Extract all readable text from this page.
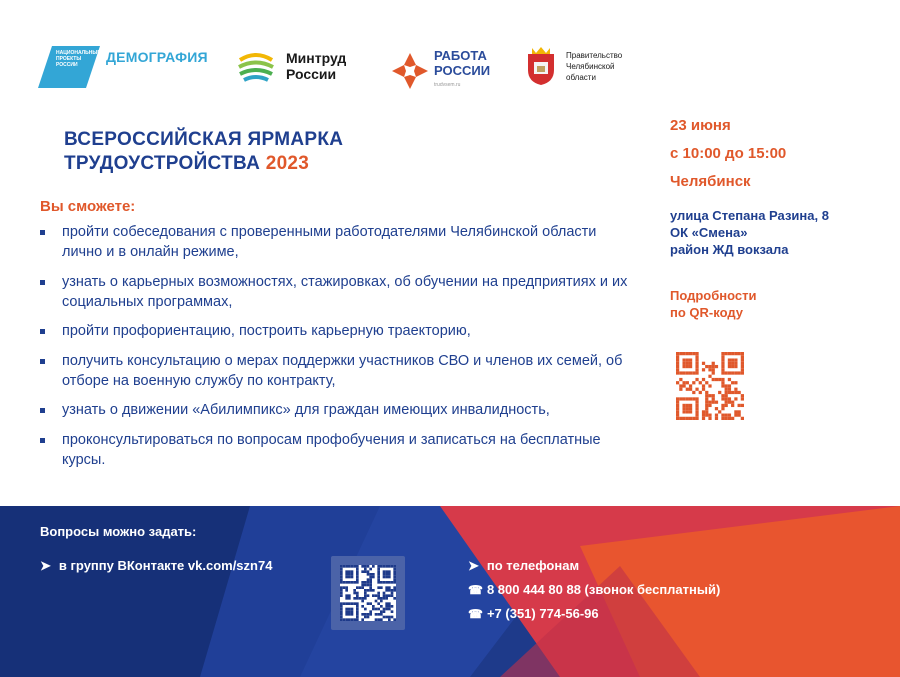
НАЦИОНАЛЬНЫЕ ПРОЕКТЫ РОССИИ	ДЕМОГРАФИЯ	Минтруд
России
РАБОТА
РОССИИ
trudvsem.ru
Правительство
Челябинской
области
ВСЕРОССИЙСКАЯ ЯРМАРКА
ТРУДОУСТРОЙСТВА 2023
Вы сможете:
пройти собеседования с проверенными работодателями Челябинской области лично и в онлайн режиме,
узнать о карьерных возможностях, стажировках, об обучении на предприятиях и их социальных программах,
пройти профориентацию, построить карьерную траекторию,
получить консультацию о мерах поддержки участников СВО и членов их семей, об отборе на военную службу по контракту,
узнать о движении «Абилимпикс» для граждан имеющих инвалидность,
проконсультироваться по вопросам профобучения и записаться на бесплатные курсы.
23 июня
с 10:00 до 15:00
Челябинск
улица Степана Разина, 8
ОК «Смена»
район ЖД вокзала
Подробности
по QR-коду
Вопросы можно задать:
➤ в группу ВКонтакте vk.com/szn74	➤ по телефонам
☎ 8 800 444 80 88 (звонок бесплатный)
☎ +7 (351) 774-56-96
